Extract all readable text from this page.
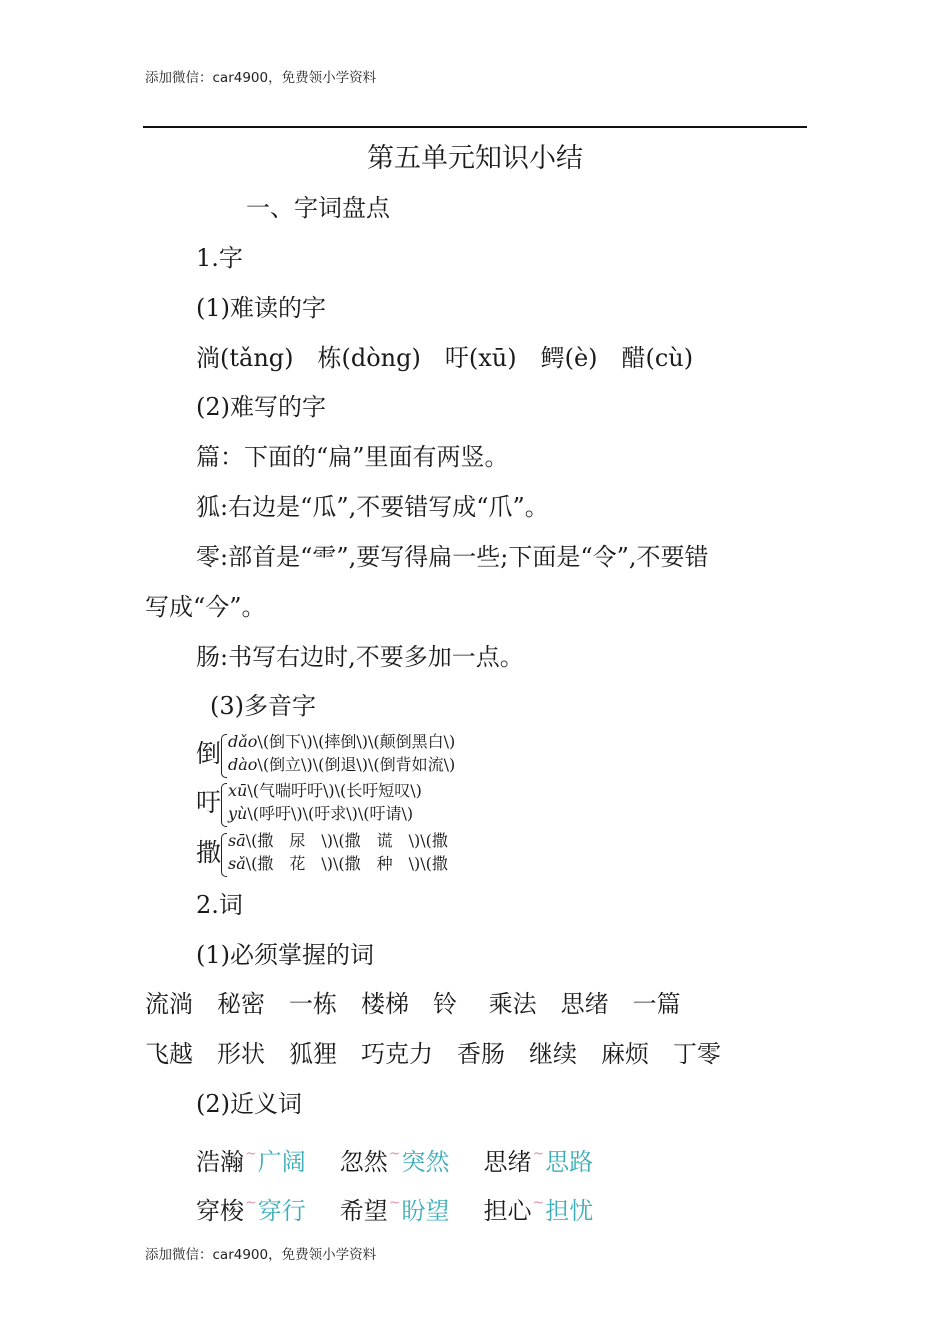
添加微信：car4900，免费领小学资料
第五单元知识小结
一、字词盘点
1.字
(1)难读的字
淌(tǎng)　栋(dòng)　吁(xū)　鳄(è)　醋(cù)
(2)难写的字
篇：下面的“扁”里面有两竖。
狐:右边是“瓜”,不要错写成“爪”。
零:部首是“⻗”,要写得扁一些;下面是“令”,不要错
写成“今”。
肠:书写右边时,不要多加一点。
(3)多音字
倒 dǎo\(倒下\)\(摔倒\)\(颠倒黑白\)
dào\(倒立\)\(倒退\)\(倒背如流\)
吁 xū\(气喘吁吁\)\(长吁短叹\)
yù\(呼吁\)\(吁求\)\(吁请\)
撒 sā\(撒　尿　\)\(撒　谎　\)\(撒
sǎ\(撒　花　\)\(撒　种　\)\(撒
2.词
(1)必须掌握的词
流淌　秘密　一栋　楼梯　铃　 乘法　思绪　一篇
飞越　形状　狐狸　巧克力　香肠　继续　麻烦　丁零
(2)近义词
浩瀚~广阔 忽然~突然 思绪~思路
穿梭~穿行 希望~盼望 担心~担忧
添加微信：car4900，免费领小学资料
